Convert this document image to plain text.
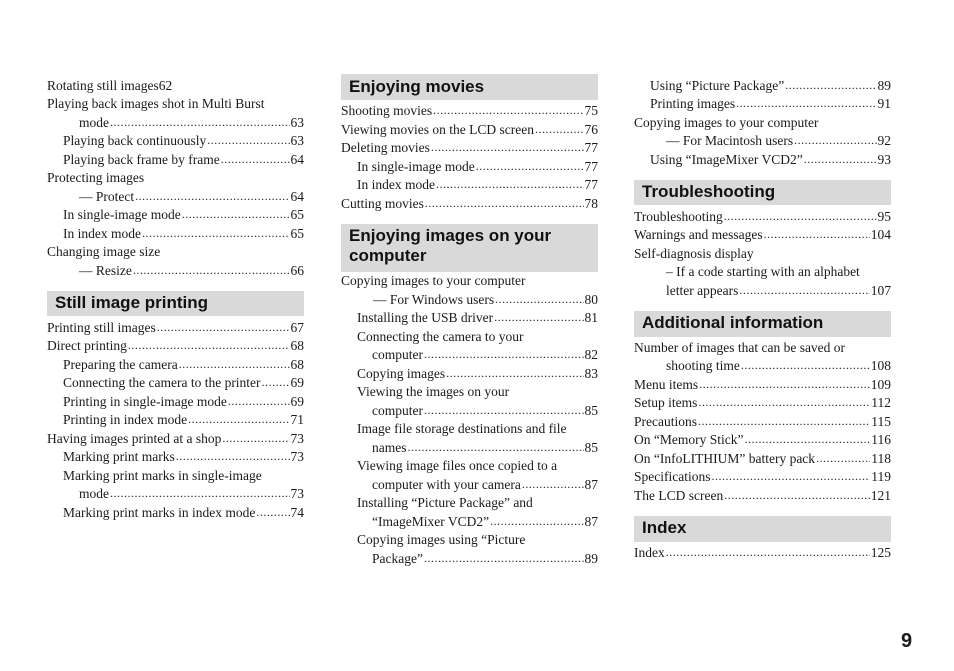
Rotating still images 62
Playing back images shot in Multi Burst
mode .....	63
Playing back continuously .....	63
Playing back frame by frame .....	64
Protecting images
— Protect .....	64
In single-image mode .....	65
In index mode .....	65
Changing image size
— Resize .....	66
Still image printing
Printing still images .....	67
Direct printing .....	68
Preparing the camera .....	68
Connecting the camera to the printer ..... 69
Printing in single-image mode .....	69
Printing in index mode .....	71
Having images printed at a shop .....	73
Marking print marks .....	73
Marking print marks in single-image
mode .....	73
Marking print marks in index mode .....	74
Enjoying movies
Shooting movies .....	75
Viewing movies on the LCD screen .....	76
Deleting movies .....	77
In single-image mode .....	77
In index mode .....	77
Cutting movies .....	78
Enjoying images on your
computer
Copying images to your computer
— For Windows users .....	80
Installing the USB driver .....	81
Connecting the camera to your
computer .....	82
Copying images .....	83
Viewing the images on your
computer .....	85
Image file storage destinations and file
names .....	85
Viewing image files once copied to a
computer with your camera .....	87
Installing “Picture Package” and
“ImageMixer VCD2” .....	87
Copying images using “Picture
Package” .....	89
Using “Picture Package” .....	89
Printing images .....	91
Copying images to your computer
— For Macintosh users .....	92
Using “ImageMixer VCD2” .....	93
Troubleshooting
Troubleshooting .....	95
Warnings and messages .....	104
Self-diagnosis display
– If a code starting with an alphabet
letter appears .....	107
Additional information
Number of images that can be saved or
shooting time .....	108
Menu items .....	109
Setup items .....	112
Precautions .....	115
On “Memory Stick” .....	116
On “InfoLITHIUM” battery pack .....	118
Specifications .....	119
The LCD screen .....	121
Index
Index .....	125
9
